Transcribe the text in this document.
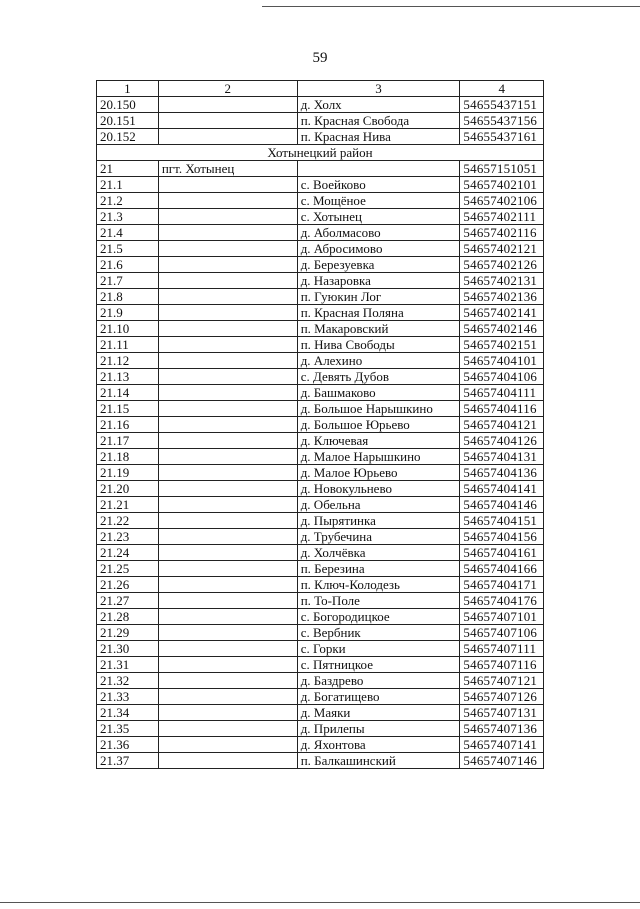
59
1	2	3	4
20.150		д. Холх	54655437151
20.151		п. Красная Свобода	54655437156
20.152		п. Красная Нива	54655437161
Хотынецкий район			
21	пгт. Хотынец		54657151051
21.1		с. Воейково	54657402101
21.2		с. Мощёное	54657402106
21.3		с. Хотынец	54657402111
21.4		д. Аболмасово	54657402116
21.5		д. Абросимово	54657402121
21.6		д. Березуевка	54657402126
21.7		д. Назаровка	54657402131
21.8		п. Гуюкин Лог	54657402136
21.9		п. Красная Поляна	54657402141
21.10		п. Макаровский	54657402146
21.11		п. Нива Свободы	54657402151
21.12		д. Алехино	54657404101
21.13		с. Девять Дубов	54657404106
21.14		д. Башмаково	54657404111
21.15		д. Большое Нарышкино	54657404116
21.16		д. Большое Юрьево	54657404121
21.17		д. Ключевая	54657404126
21.18		д. Малое Нарышкино	54657404131
21.19		д. Малое Юрьево	54657404136
21.20		д. Новокульнево	54657404141
21.21		д. Обельна	54657404146
21.22		д. Пырятинка	54657404151
21.23		д. Трубечина	54657404156
21.24		д. Холчёвка	54657404161
21.25		п. Березина	54657404166
21.26		п. Ключ-Колодезь	54657404171
21.27		п. То-Поле	54657404176
21.28		с. Богородицкое	54657407101
21.29		с. Вербник	54657407106
21.30		с. Горки	54657407111
21.31		с. Пятницкое	54657407116
21.32		д. Баздрево	54657407121
21.33		д. Богатищево	54657407126
21.34		д. Маяки	54657407131
21.35		д. Прилепы	54657407136
21.36		д. Яхонтова	54657407141
21.37		п. Балкашинский	54657407146
